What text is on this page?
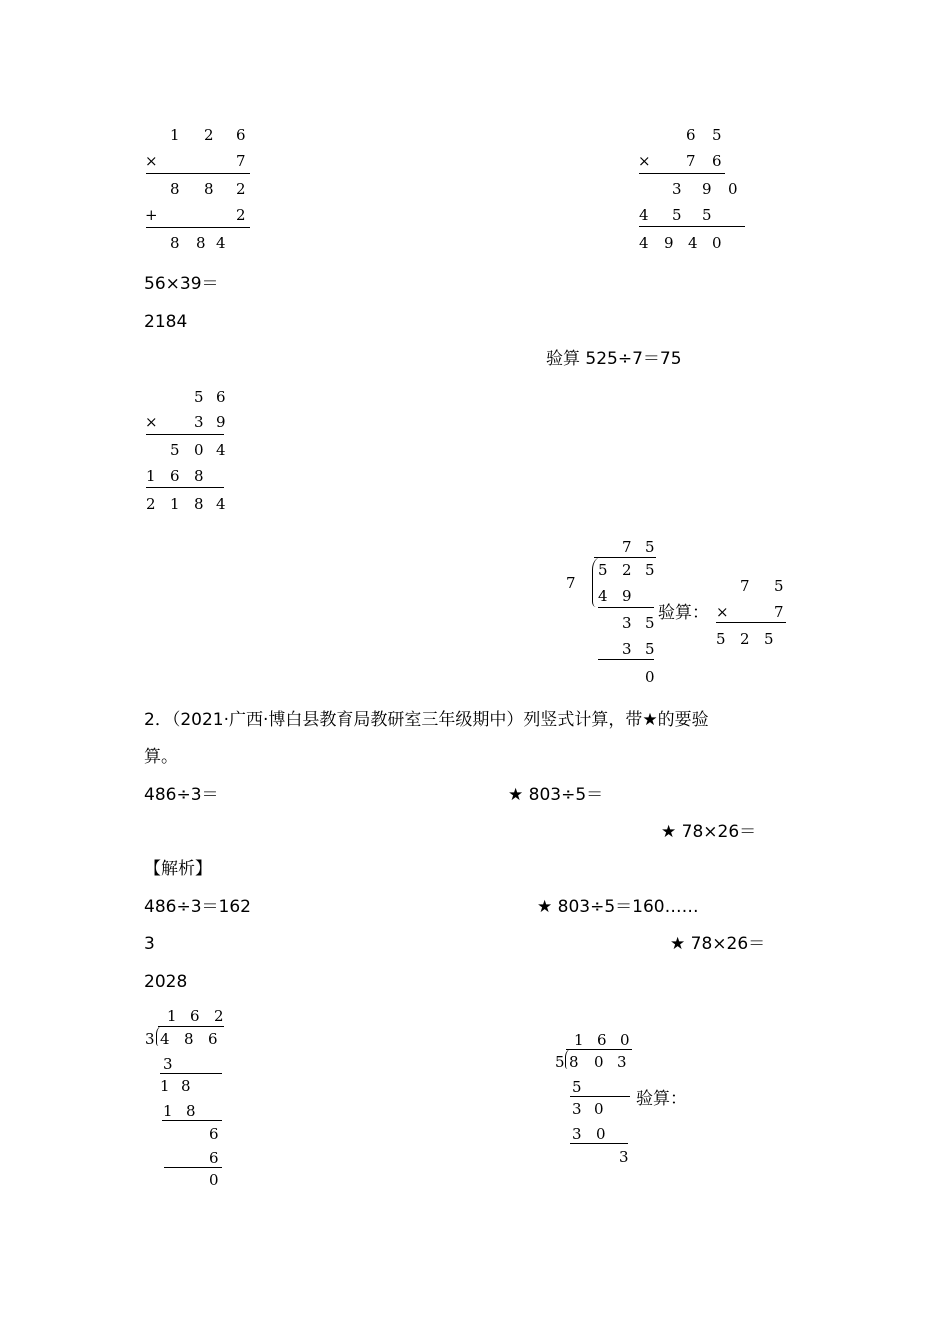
1 2 6
×	7
8 8 2
+	2
8 8 4
6 5
× 7 6
3 9 0
4 5 5
4 9 4 0
56×39＝
2184
验算 525÷7＝75
5 6
× 3 9
5 0 4
1 6 8
2 1 8 4
7 5
7
5 2 5
4 9
3 5
3 5
0
验算：
7 5
×	7
5 2 5
2．（2021·广西·博白县教育局教研室三年级期中）列竖式计算，带★的要验
算。
486÷3＝	★ 803÷5＝
★ 78×26＝
【解析】
486÷3＝162	★ 803÷5＝160……
3	★ 78×26＝
2028
1 6 2
3 4 8 6
3
1 8
1 8
6
6
0
1 6 0
5 8 0 3
5
3 0
3 0
3
验算：
